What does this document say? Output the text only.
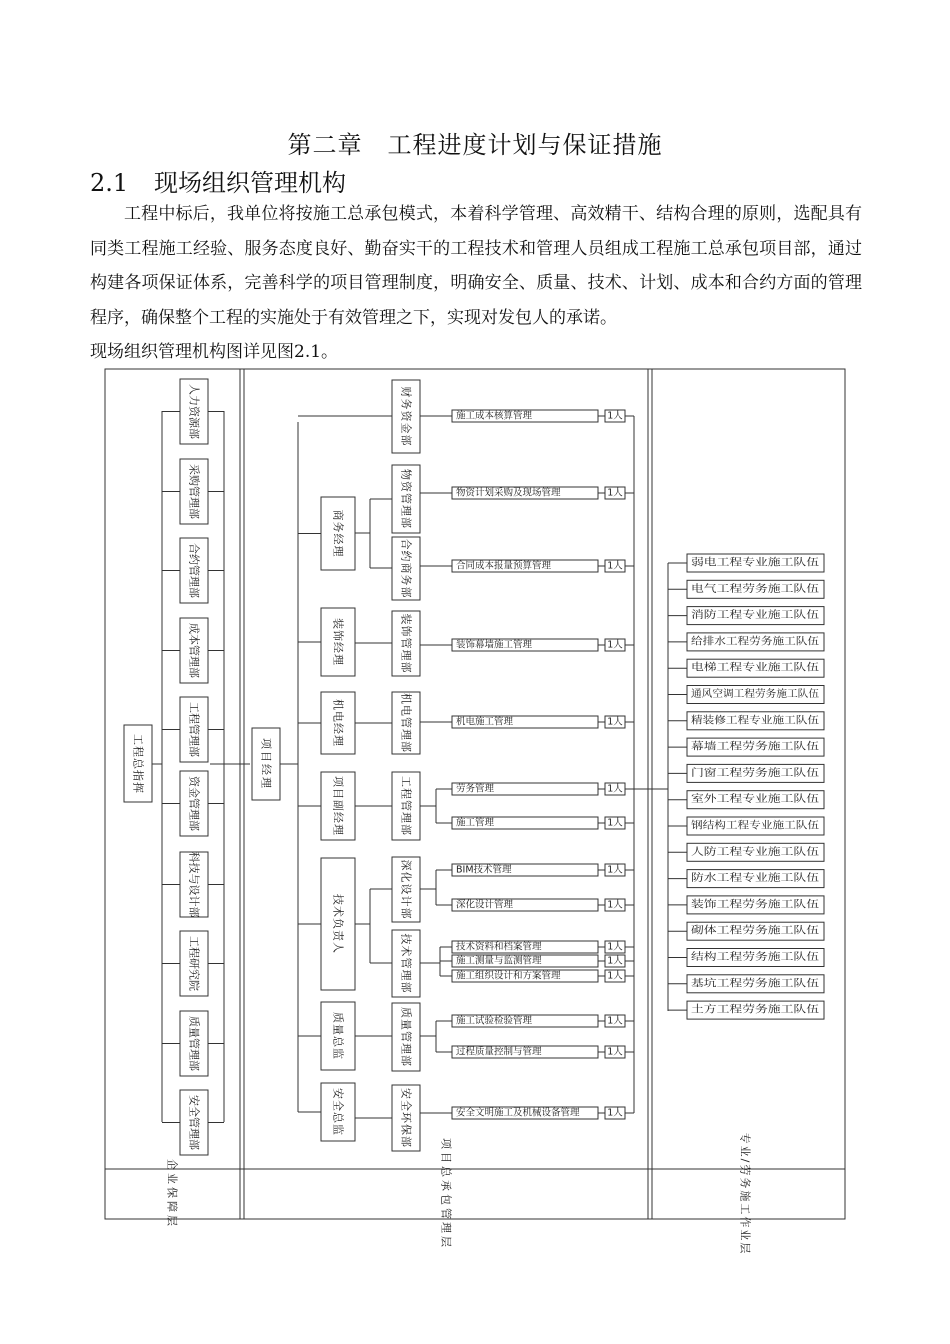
第二章　工程进度计划与保证措施
2.1 现场组织管理机构

工程中标后，我单位将按施工总承包模式，本着科学管理、高效精干、结构合理的原则，选配具有同类工程施工经验、服务态度良好、勤奋实干的工程技术和管理人员组成工程施工总承包项目部，通过构建各项保证体系，完善科学的项目管理制度，明确安全、质量、技术、计划、成本和合约方面的管理程序，确保整个工程的实施处于有效管理之下，实现对发包人的承诺。

现场组织管理机构图详见图2.1。

企业保障层	项目总承包管理层	专业/劳务施工作业层
工程总指挥
人力资源部
采购管理部
合约管理部
成本管理部
工程管理部
资金管理部
科技与设计部
工程研究院
质量管理部
安全管理部
项目经理
商务经理
装饰经理
机电经理
项目副经理
技术负责人
质量总监
安全总监
财务资金部
物资管理部
合约商务部
装饰管理部
机电管理部
工程管理部
深化设计部
技术管理部
质量管理部
安全环保部
施工成本核算管理	1人
物资计划采购及现场管理	1人
合同成本报量预算管理	1人
装饰幕墙施工管理	1人
机电施工管理	1人
劳务管理	1人
施工管理	1人
BIM技术管理	1人
深化设计管理	1人
技术资料和档案管理	1人
施工测量与监测管理	1人
施工组织设计和方案管理	1人
施工试验检验管理	1人
过程质量控制与管理	1人
安全文明施工及机械设备管理	1人
弱电工程专业施工队伍
电气工程劳务施工队伍
消防工程专业施工队伍
给排水工程劳务施工队伍
电梯工程专业施工队伍
通风空调工程劳务施工队伍
精装修工程专业施工队伍
幕墙工程劳务施工队伍
门窗工程劳务施工队伍
室外工程专业施工队伍
钢结构工程专业施工队伍
人防工程专业施工队伍
防水工程专业施工队伍
装饰工程劳务施工队伍
砌体工程劳务施工队伍
结构工程劳务施工队伍
基坑工程劳务施工队伍
土方工程劳务施工队伍
